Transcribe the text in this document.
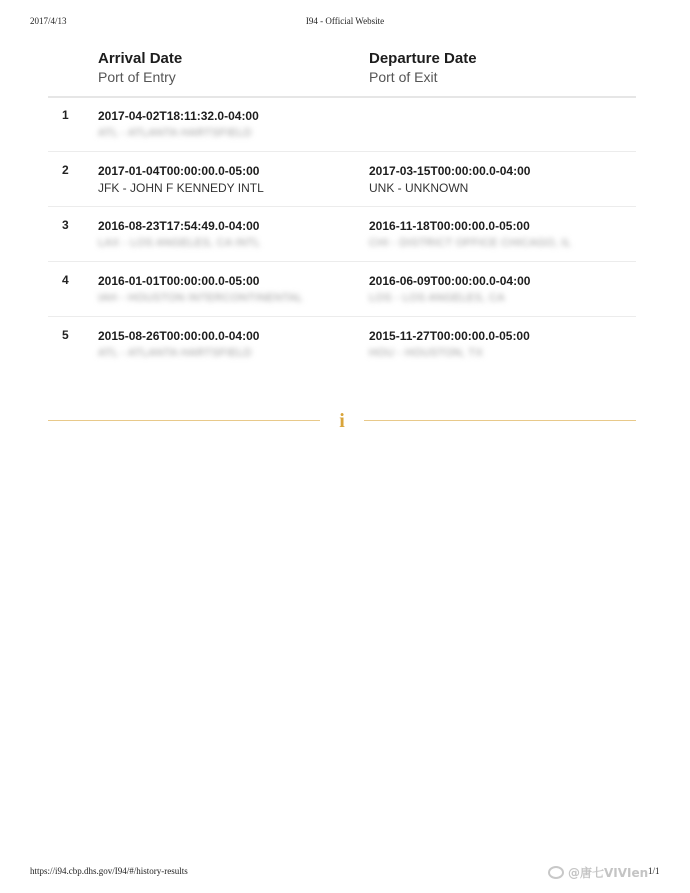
2017/4/13	I94 - Official Website
Arrival Date
Port of Entry
Departure Date
Port of Exit
1 2017-04-02T18:11:32.0-04:00
ATL - ATLANTA HARTSFIELD
2 2017-01-04T00:00:00.0-05:00
JFK - JOHN F KENNEDY INTL
2017-03-15T00:00:00.0-04:00
UNK - UNKNOWN
3 2016-08-23T17:54:49.0-04:00
LAX - LOS ANGELES, CA INTL
2016-11-18T00:00:00.0-05:00
CHI - DISTRICT OFFICE CHICAGO, IL
4 2016-01-01T00:00:00.0-05:00
IAH - HOUSTON INTERCONTINENTAL
2016-06-09T00:00:00.0-04:00
LOS - LOS ANGELES, CA
5 2015-08-26T00:00:00.0-04:00
ATL - ATLANTA HARTSFIELD
2015-11-27T00:00:00.0-05:00
HOU - HOUSTON, TX
i
https://i94.cbp.dhs.gov/I94/#/history-results	1/1
@唐七VIVIen
